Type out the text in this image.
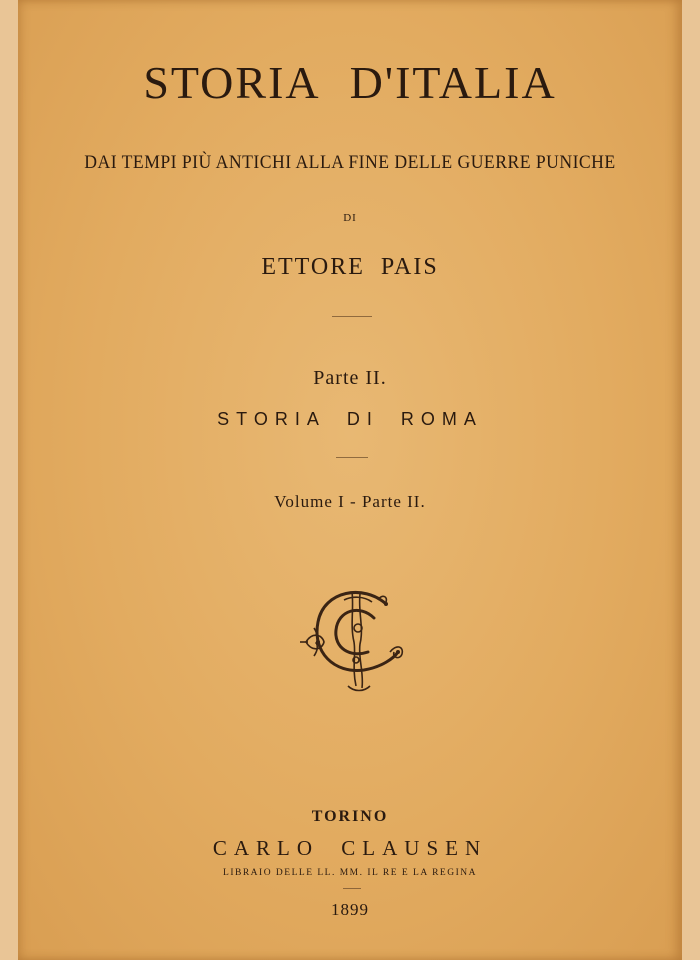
STORIA D'ITALIA
DAI TEMPI PIÙ ANTICHI ALLA FINE DELLE GUERRE PUNICHE
DI
ETTORE PAIS
Parte II.
STORIA DI ROMA
Volume I - Parte II.
TORINO
CARLO CLAUSEN
LIBRAIO DELLE LL. MM. IL RE E LA REGINA
1899
